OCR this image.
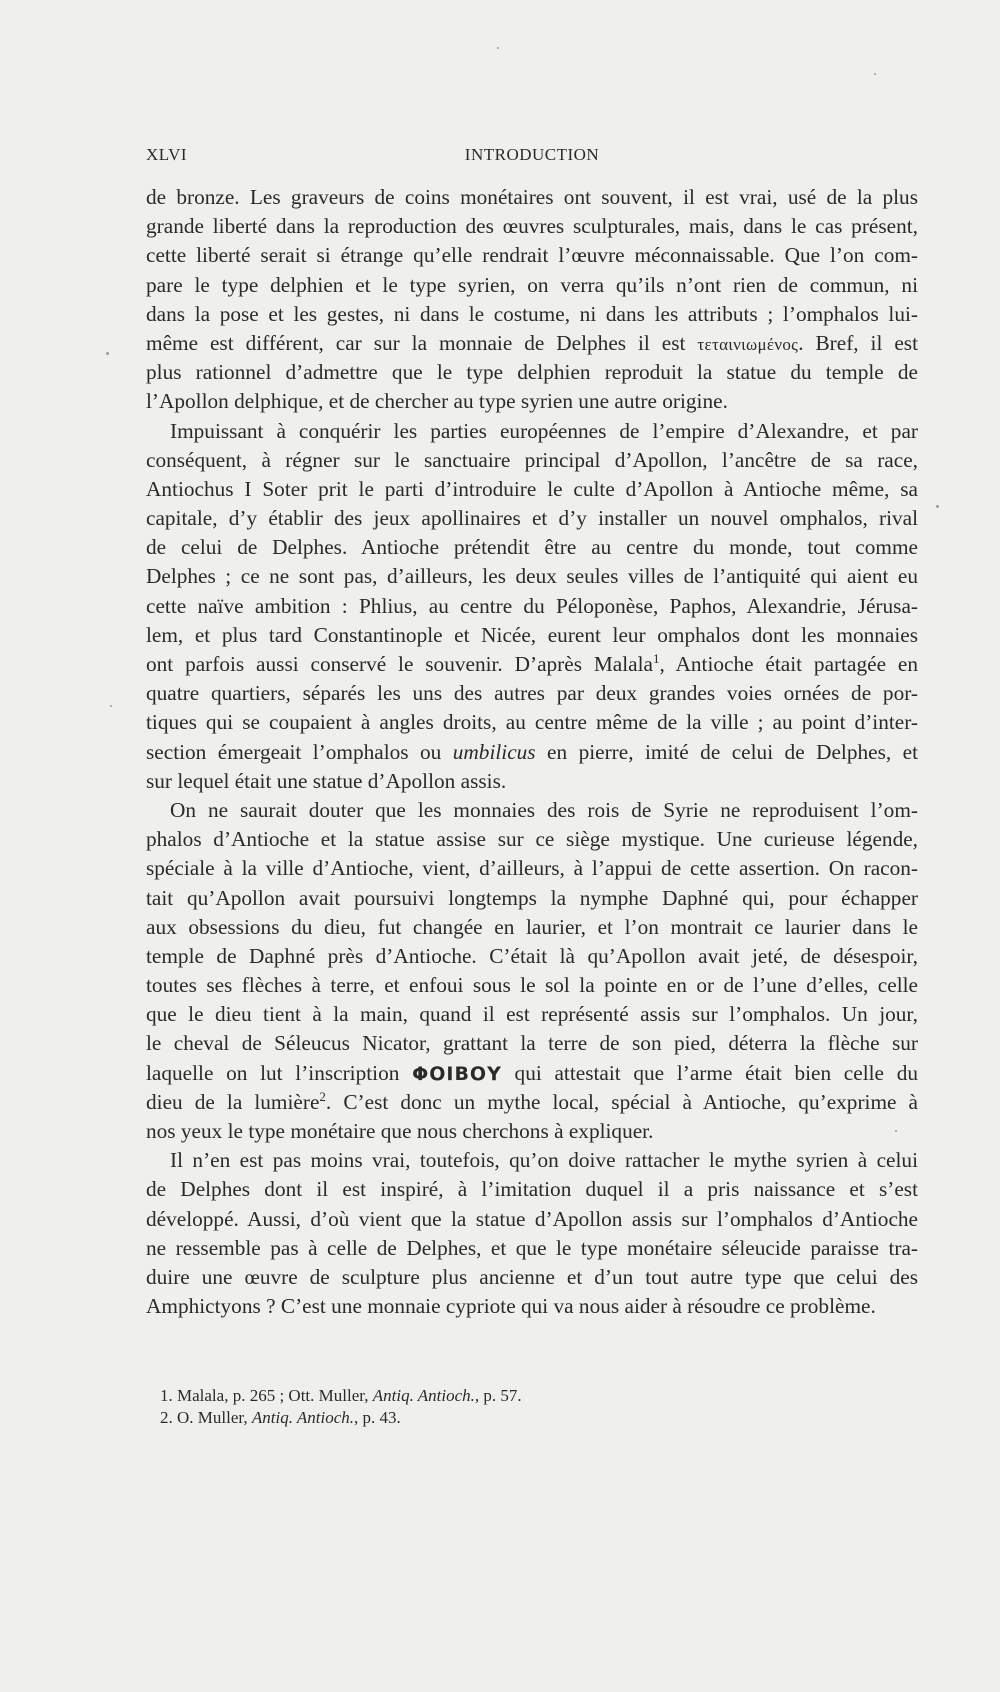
XLVI	INTRODUCTION
de bronze. Les graveurs de coins monétaires ont souvent, il est vrai, usé de la plus
grande liberté dans la reproduction des œuvres sculpturales, mais, dans le cas présent,
cette liberté serait si étrange qu’elle rendrait l’œuvre méconnaissable. Que l’on com-
pare le type delphien et le type syrien, on verra qu’ils n’ont rien de commun, ni
dans la pose et les gestes, ni dans le costume, ni dans les attributs ; l’omphalos lui-
même est différent, car sur la monnaie de Delphes il est τεταινιωμένος. Bref, il est
plus rationnel d’admettre que le type delphien reproduit la statue du temple de
l’Apollon delphique, et de chercher au type syrien une autre origine.
Impuissant à conquérir les parties européennes de l’empire d’Alexandre, et par
conséquent, à régner sur le sanctuaire principal d’Apollon, l’ancêtre de sa race,
Antiochus I Soter prit le parti d’introduire le culte d’Apollon à Antioche même, sa
capitale, d’y établir des jeux apollinaires et d’y installer un nouvel omphalos, rival
de celui de Delphes. Antioche prétendit être au centre du monde, tout comme
Delphes ; ce ne sont pas, d’ailleurs, les deux seules villes de l’antiquité qui aient eu
cette naïve ambition : Phlius, au centre du Péloponèse, Paphos, Alexandrie, Jérusa-
lem, et plus tard Constantinople et Nicée, eurent leur omphalos dont les monnaies
ont parfois aussi conservé le souvenir. D’après Malala$^1$, Antioche était partagée en
quatre quartiers, séparés les uns des autres par deux grandes voies ornées de por-
tiques qui se coupaient à angles droits, au centre même de la ville ; au point d’inter-
section émergeait l’omphalos ou umbilicus en pierre, imité de celui de Delphes, et
sur lequel était une statue d’Apollon assis.
On ne saurait douter que les monnaies des rois de Syrie ne reproduisent l’om-
phalos d’Antioche et la statue assise sur ce siège mystique. Une curieuse légende,
spéciale à la ville d’Antioche, vient, d’ailleurs, à l’appui de cette assertion. On racon-
tait qu’Apollon avait poursuivi longtemps la nymphe Daphné qui, pour échapper
aux obsessions du dieu, fut changée en laurier, et l’on montrait ce laurier dans le
temple de Daphné près d’Antioche. C’était là qu’Apollon avait jeté, de désespoir,
toutes ses flèches à terre, et enfoui sous le sol la pointe en or de l’une d’elles, celle
que le dieu tient à la main, quand il est représenté assis sur l’omphalos. Un jour,
le cheval de Séleucus Nicator, grattant la terre de son pied, déterra la flèche sur
laquelle on lut l’inscription ΦΟΙΒΟΥ qui attestait que l’arme était bien celle du
dieu de la lumière$^2$. C’est donc un mythe local, spécial à Antioche, qu’exprime à
nos yeux le type monétaire que nous cherchons à expliquer.
Il n’en est pas moins vrai, toutefois, qu’on doive rattacher le mythe syrien à celui
de Delphes dont il est inspiré, à l’imitation duquel il a pris naissance et s’est
développé. Aussi, d’où vient que la statue d’Apollon assis sur l’omphalos d’Antioche
ne ressemble pas à celle de Delphes, et que le type monétaire séleucide paraisse tra-
duire une œuvre de sculpture plus ancienne et d’un tout autre type que celui des
Amphictyons ? C’est une monnaie cypriote qui va nous aider à résoudre ce problème.
1. Malala, p. 265 ; Ott. Muller, Antiq. Antioch., p. 57.
2. O. Muller, Antiq. Antioch., p. 43.
